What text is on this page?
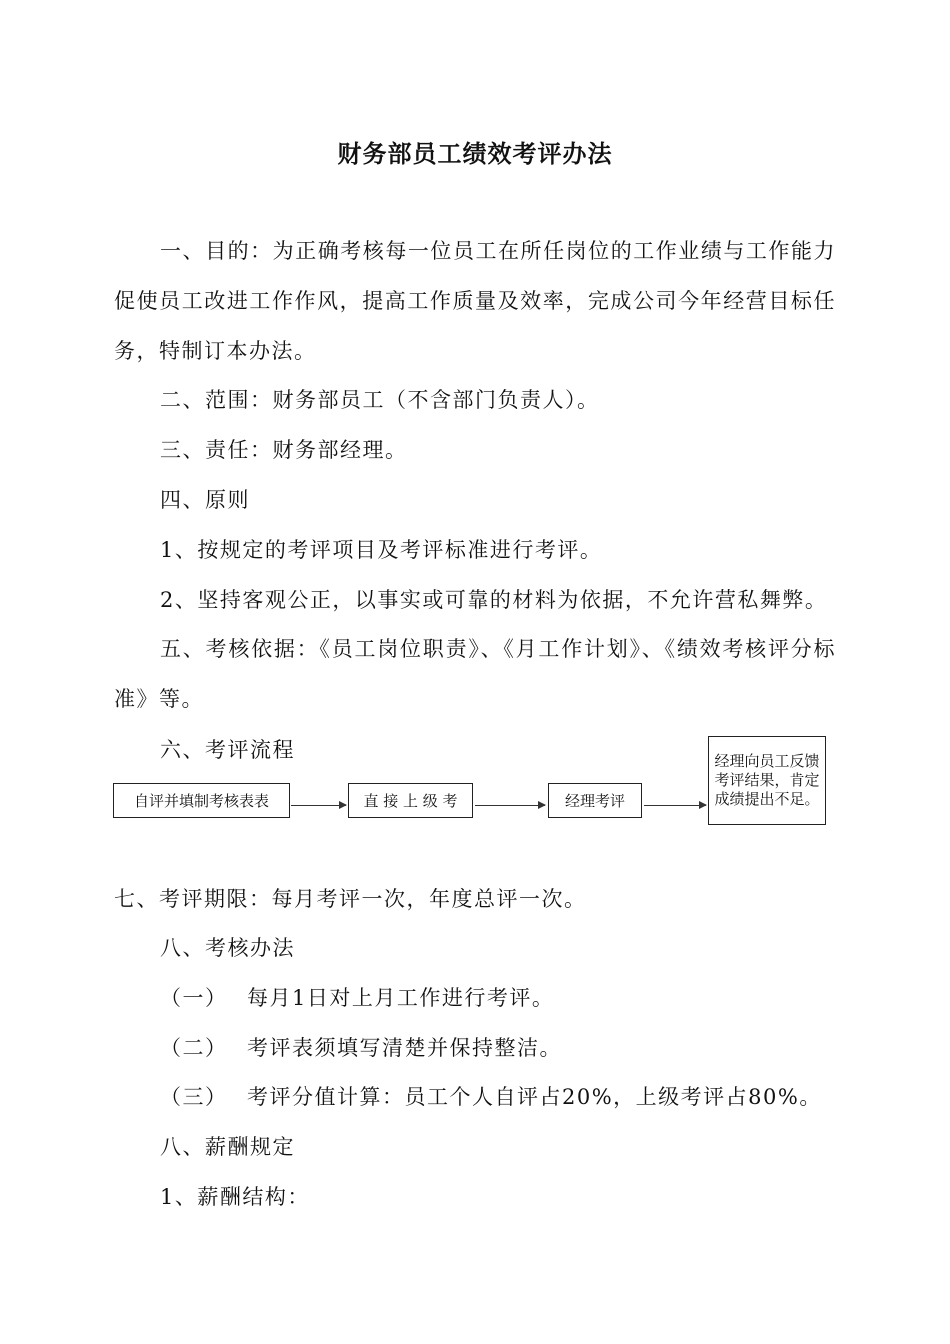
财务部员工绩效考评办法
一、目的：为正确考核每一位员工在所任岗位的工作业绩与工作能力促使员工改进工作作风，提高工作质量及效率，完成公司今年经营目标任务，特制订本办法。
二、范围：财务部员工（不含部门负责人）。
三、责任：财务部经理。
四、原则
1、按规定的考评项目及考评标准进行考评。
2、坚持客观公正，以事实或可靠的材料为依据，不允许营私舞弊。
五、考核依据：《员工岗位职责》、《月工作计划》、《绩效考核评分标准》等。
六、考评流程
自评并填制考核表表	直 接 上 级 考	经理考评
经理向员工反馈考评结果，肯定成绩提出不足。
七、考评期限：每月考评一次，年度总评一次。
八、考核办法
（一） 每月1日对上月工作进行考评。
（二） 考评表须填写清楚并保持整洁。
（三） 考评分值计算：员工个人自评占20%，上级考评占80%。
八、薪酬规定
1、薪酬结构：
